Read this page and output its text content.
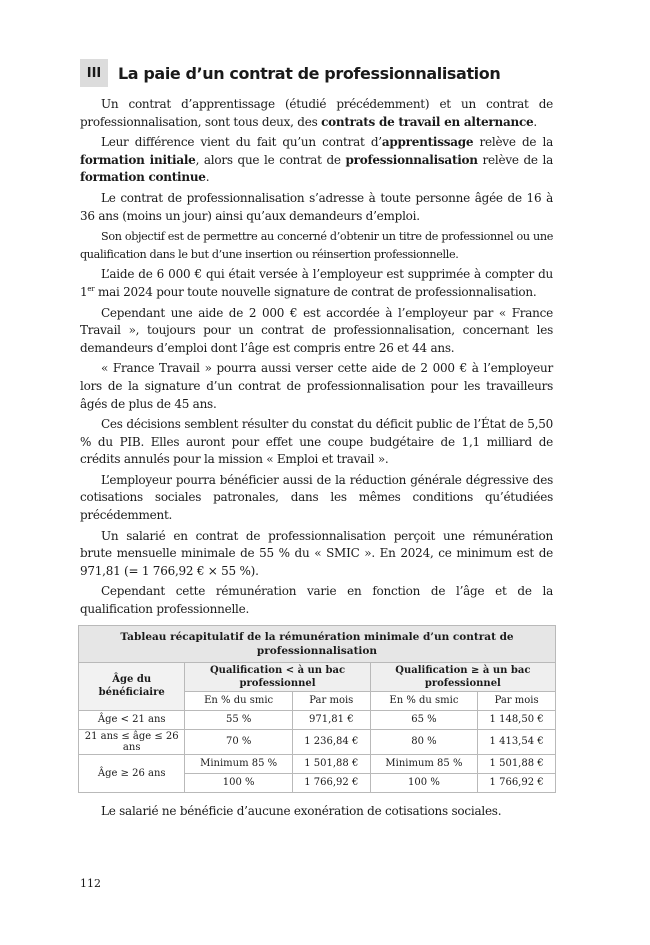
III	La paie d’un contrat de professionnalisation

Un contrat d’apprentissage (étudié précédemment) et un contrat de professionnalisation, sont tous deux, des contrats de travail en alternance.

Leur différence vient du fait qu’un contrat d’apprentissage relève de la formation initiale, alors que le contrat de professionnalisation relève de la formation continue.

Le contrat de professionnalisation s’adresse à toute personne âgée de 16 à 36 ans (moins un jour) ainsi qu’aux demandeurs d’emploi.

Son objectif est de permettre au concerné d’obtenir un titre de professionnel ou une qualification dans le but d’une insertion ou réinsertion professionnelle.

L’aide de 6 000 € qui était versée à l’employeur est supprimée à compter du 1er mai 2024 pour toute nouvelle signature de contrat de professionnalisation.

Cependant une aide de 2 000 € est accordée à l’employeur par « France Travail », toujours pour un contrat de professionnalisation, concernant les demandeurs d’emploi dont l’âge est compris entre 26 et 44 ans.

« France Travail » pourra aussi verser cette aide de 2 000 € à l’employeur lors de la signature d’un contrat de professionnalisation pour les travailleurs âgés de plus de 45 ans.

Ces décisions semblent résulter du constat du déficit public de l’État de 5,50 % du PIB. Elles auront pour effet une coupe budgétaire de 1,1 milliard de crédits annulés pour la mission « Emploi et travail ».

L’employeur pourra bénéficier aussi de la réduction générale dégressive des cotisations sociales patronales, dans les mêmes conditions qu’étudiées précédemment.

Un salarié en contrat de professionnalisation perçoit une rémunération brute mensuelle minimale de 55 % du « SMIC ». En 2024, ce minimum est de 971,81 (= 1 766,92 € × 55 %).

Cependant cette rémunération varie en fonction de l’âge et de la qualification professionnelle.

Tableau récapitulatif de la rémunération minimale d’un contrat de professionnalisation				
Âge du bénéficiaire	Qualification < à un bac professionnel		Qualification ≥ à un bac professionnel	
	En % du smic	Par mois	En % du smic	Par mois
Âge < 21 ans	55 %	971,81 €	65 %	1 148,50 €
21 ans ≤ âge ≤ 26 ans	70 %	1 236,84 €	80 %	1 413,54 €
Âge ≥ 26 ans	Minimum 85 %	1 501,88 €	Minimum 85 %	1 501,88 €
	100 %	1 766,92 €	100 %	1 766,92 €

Le salarié ne bénéficie d’aucune exonération de cotisations sociales.

112
